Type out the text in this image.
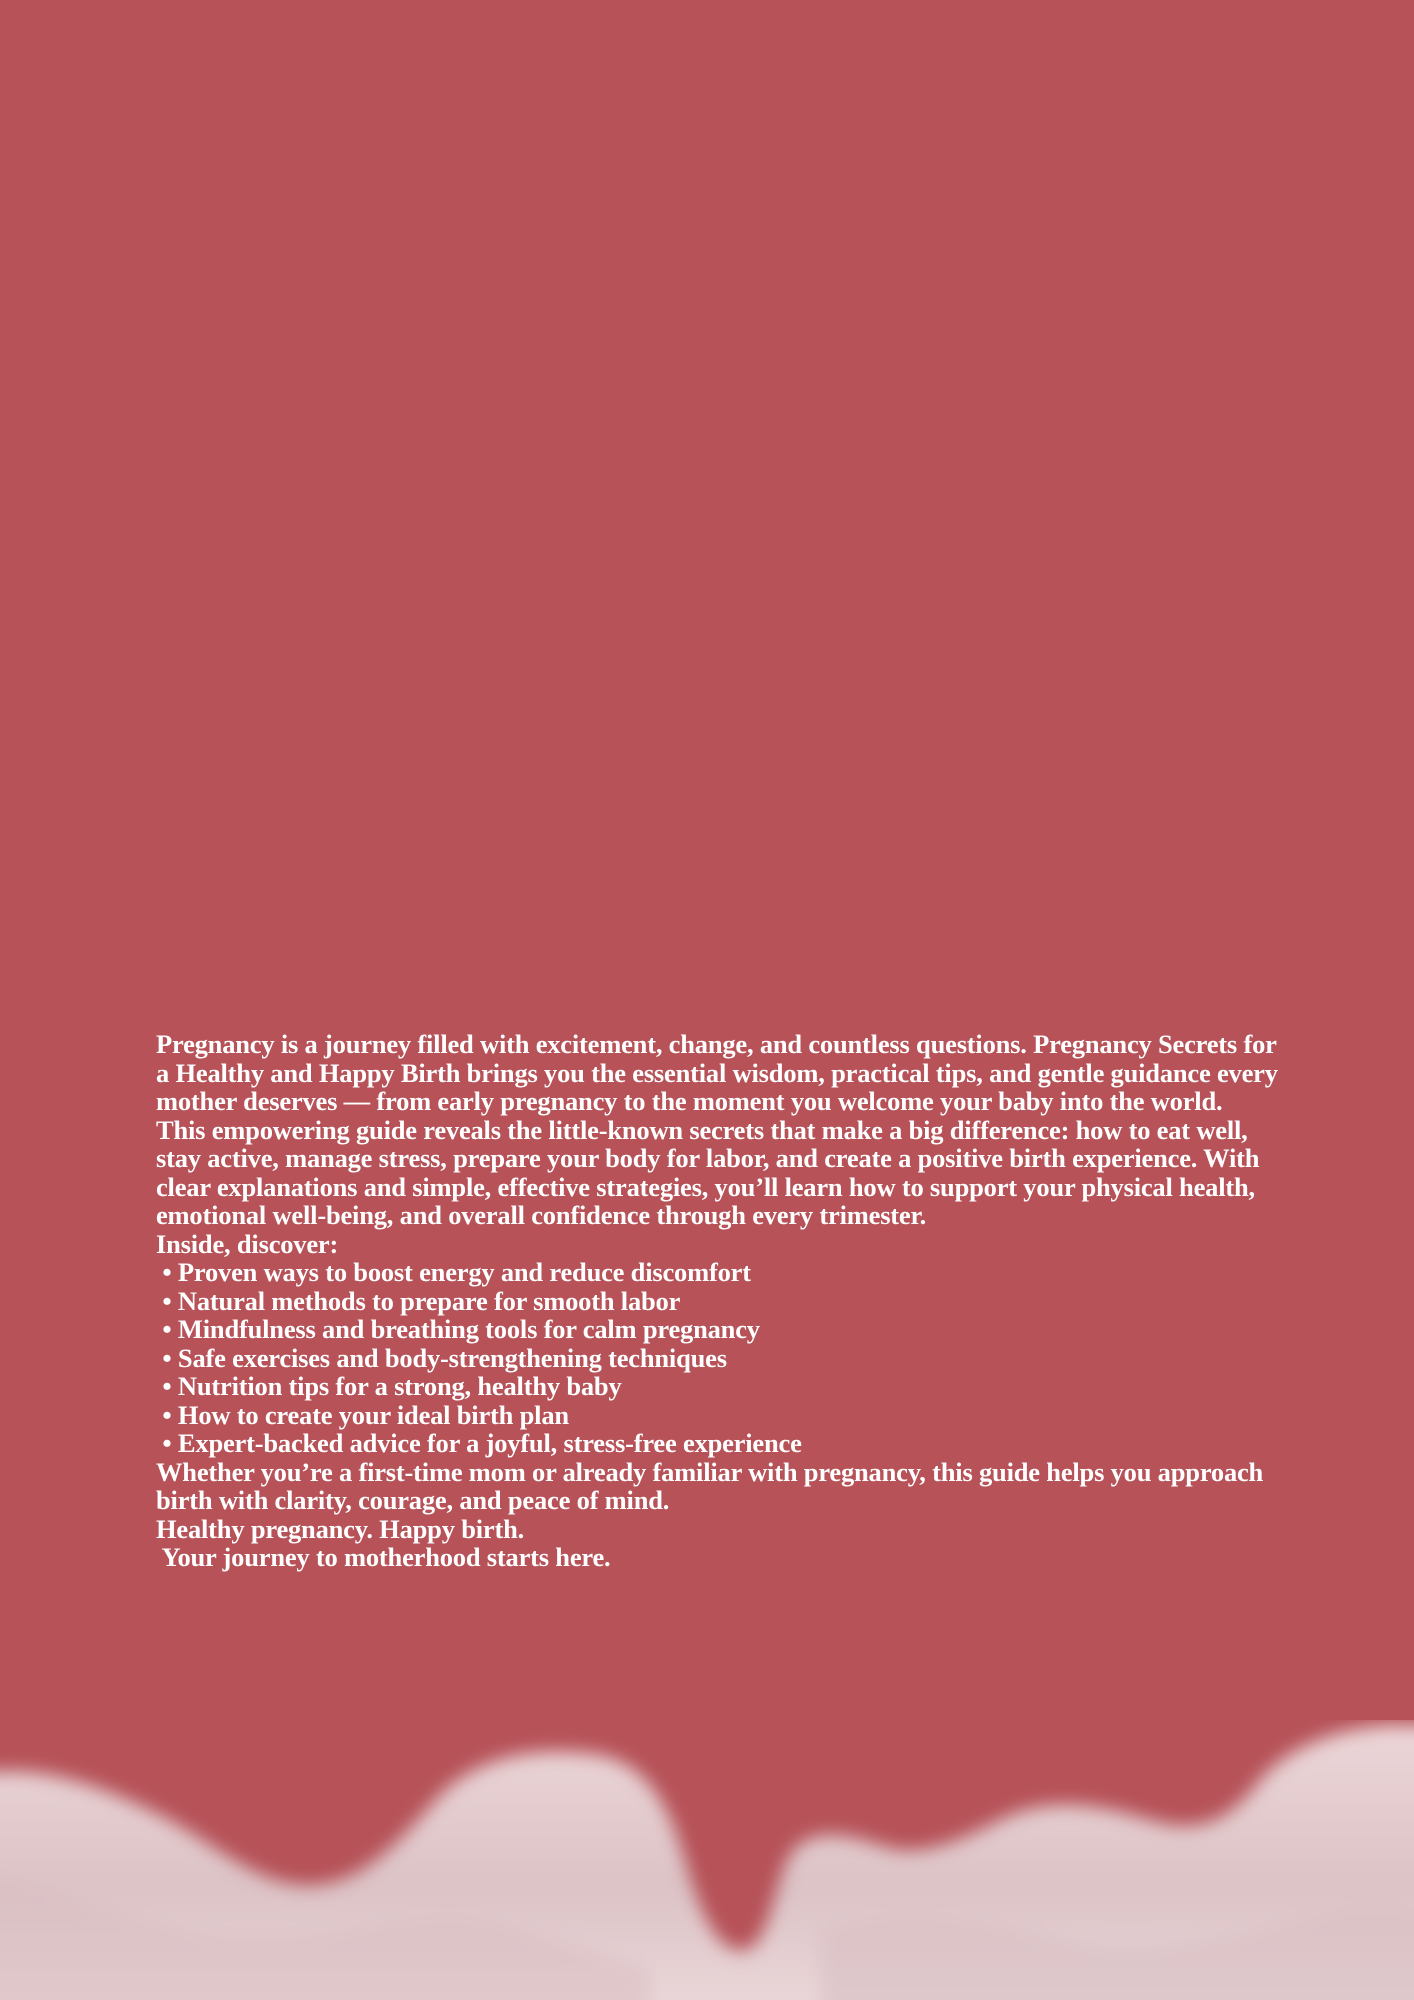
Pregnancy is a journey filled with excitement, change, and countless questions. Pregnancy Secrets for a Healthy and Happy Birth brings you the essential wisdom, practical tips, and gentle guidance every mother deserves — from early pregnancy to the moment you welcome your baby into the world.

This empowering guide reveals the little-known secrets that make a big difference: how to eat well, stay active, manage stress, prepare your body for labor, and create a positive birth experience. With clear explanations and simple, effective strategies, you’ll learn how to support your physical health, emotional well-being, and overall confidence through every trimester.

Inside, discover:

• Proven ways to boost energy and reduce discomfort
• Natural methods to prepare for smooth labor
• Mindfulness and breathing tools for calm pregnancy
• Safe exercises and body-strengthening techniques
• Nutrition tips for a strong, healthy baby
• How to create your ideal birth plan
• Expert-backed advice for a joyful, stress-free experience

Whether you’re a first-time mom or already familiar with pregnancy, this guide helps you approach birth with clarity, courage, and peace of mind.

Healthy pregnancy. Happy birth.

Your journey to motherhood starts here.
